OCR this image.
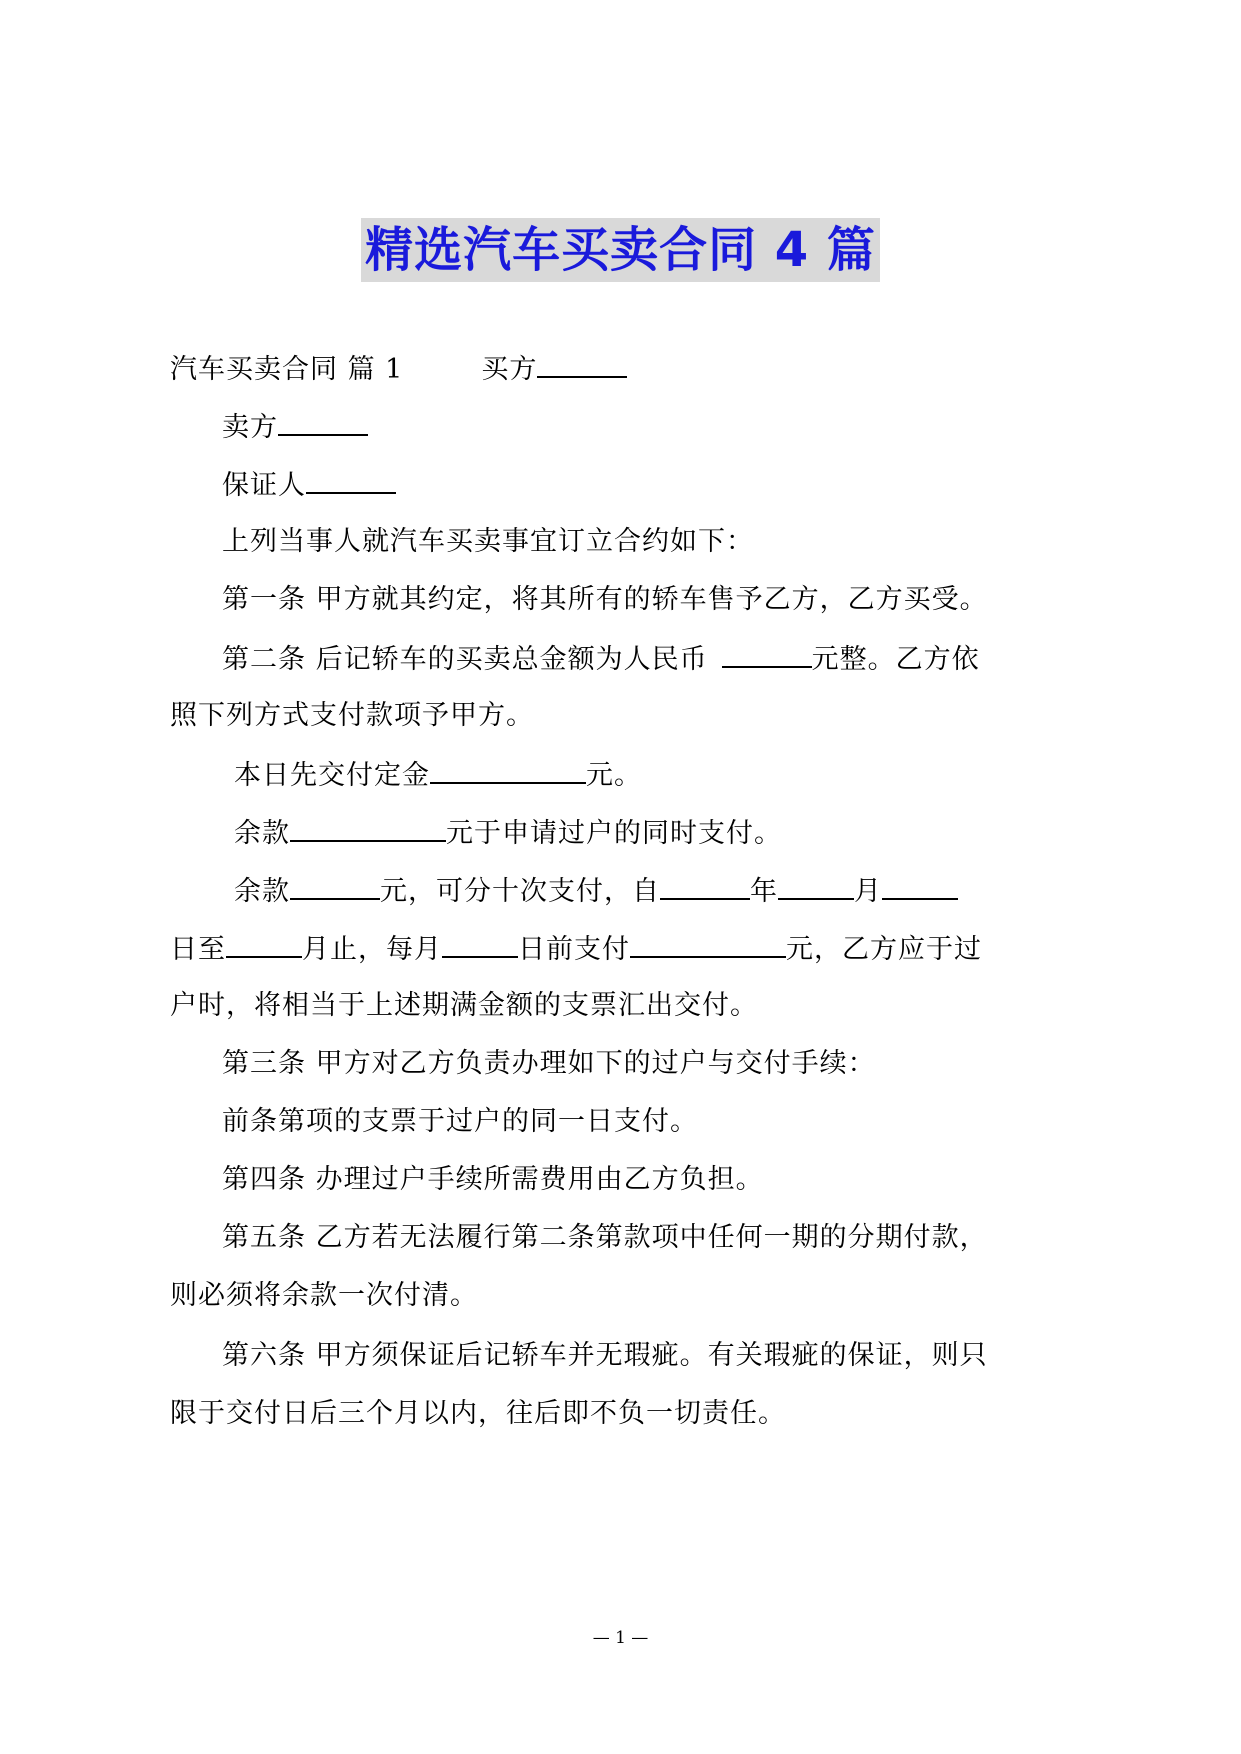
精选汽车买卖合同 4 篇
汽车买卖合同 篇 1	买方
卖方
保证人
上列当事人就汽车买卖事宜订立合约如下：
第一条 甲方就其约定，将其所有的轿车售予乙方，乙方买受。
第二条 后记轿车的买卖总金额为人民币	元整。乙方依
照下列方式支付款项予甲方。
本日先交付定金	元。
余款	元于申请过户的同时支付。
余款	元，可分十次支付，自	年	月
日至	月止，每月	日前支付	元，乙方应于过
户时，将相当于上述期满金额的支票汇出交付。
第三条 甲方对乙方负责办理如下的过户与交付手续：
前条第项的支票于过户的同一日支付。
第四条 办理过户手续所需费用由乙方负担。
第五条 乙方若无法履行第二条第款项中任何一期的分期付款，
则必须将余款一次付清。
第六条 甲方须保证后记轿车并无瑕疵。有关瑕疵的保证，则只
限于交付日后三个月以内，往后即不负一切责任。
— 1 —
